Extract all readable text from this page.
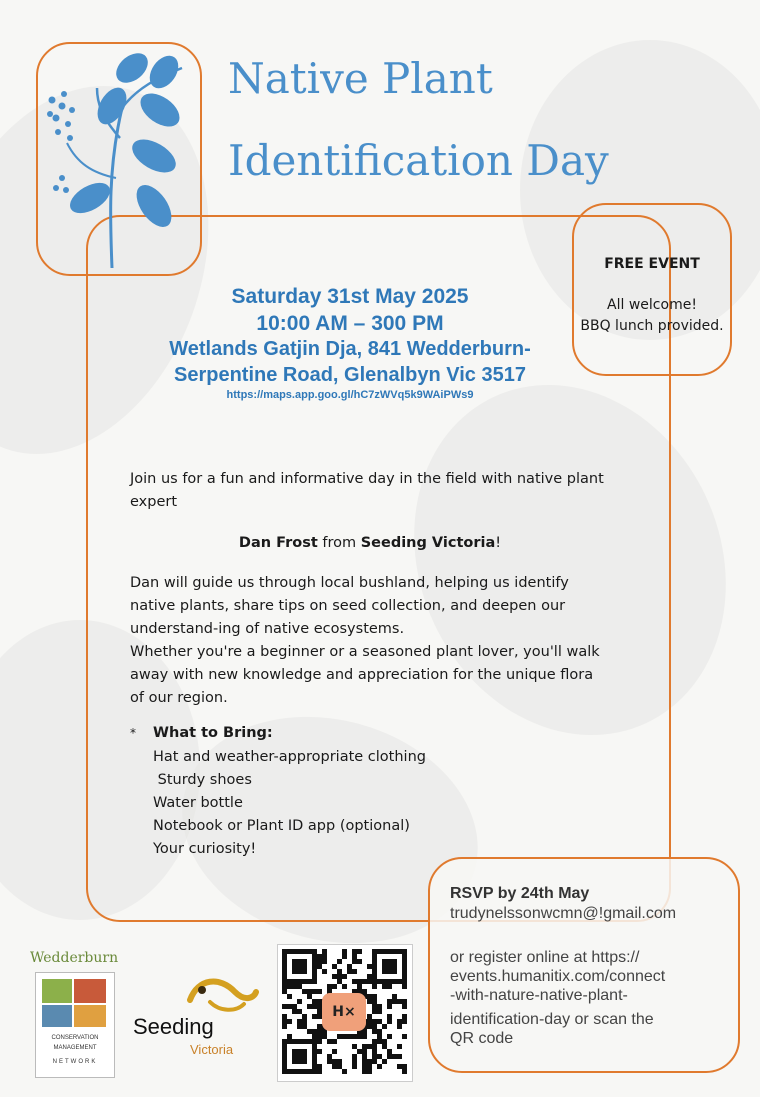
Native Plant
Identification Day
Saturday 31st May 2025
10:00 AM – 300 PM
Wetlands Gatjin Dja, 841 Wedderburn-
Serpentine Road, Glenalbyn Vic 3517
https://maps.app.goo.gl/hC7zWVq5k9WAiPWs9
FREE EVENT
All welcome!
BBQ lunch provided.
Join us for a fun and informative day in the field with native plant expert
Dan Frost from Seeding Victoria!
Dan will guide us through local bushland, helping us identify native plants, share tips on seed collection, and deepen our understand-ing of native ecosystems.
Whether you're a beginner or a seasoned plant lover, you'll walk away with new knowledge and appreciation for the unique flora of our region.
*	What to Bring:
Hat and weather-appropriate clothing
Sturdy shoes
Water bottle
Notebook or Plant ID app (optional)
Your curiosity!
RSVP by 24th May
trudynelssonwcmn@!gmail.com
or register online at https://
events.humanitix.com/connect
-with-nature-native-plant-
identification-day or scan the
QR code
Wedderburn
CONSERVATION
MANAGEMENT
NETWORK
Seeding
Victoria
H×
